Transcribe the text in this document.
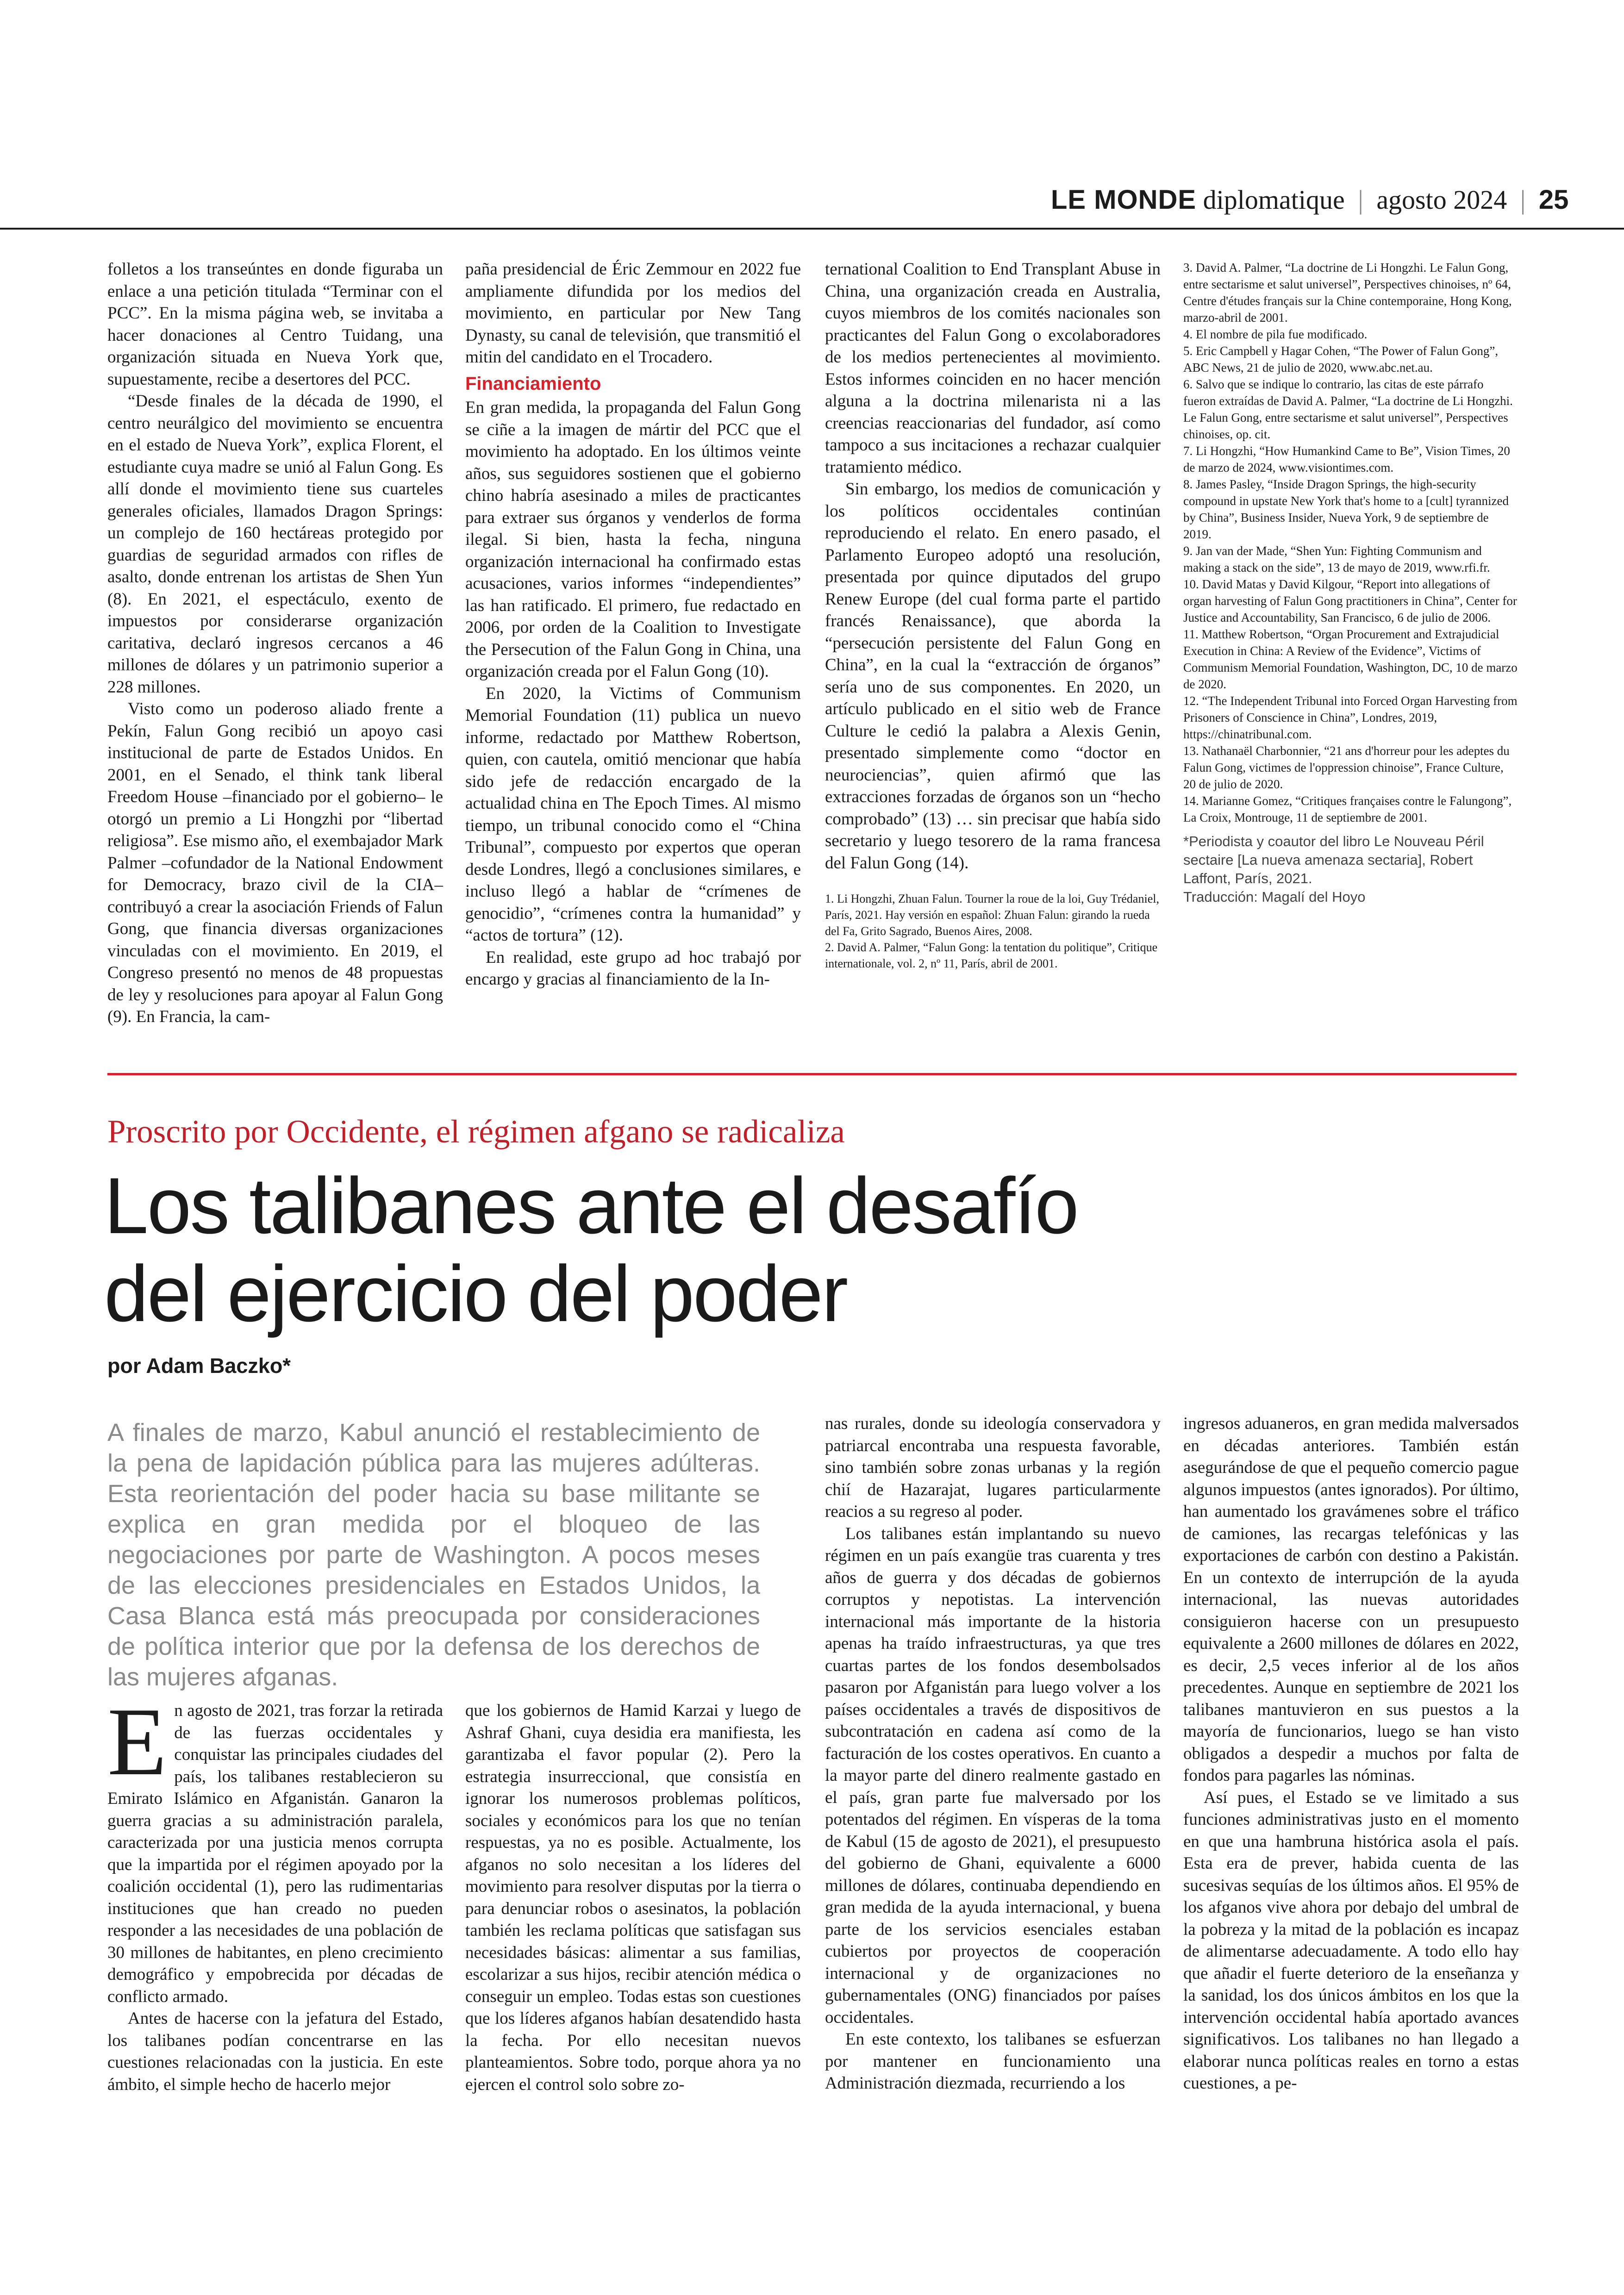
LE MONDE diplomatique | agosto 2024 | 25

folletos a los transeúntes en donde figuraba un enlace a una petición titulada “Terminar con el PCC”. En la misma página web, se invitaba a hacer donaciones al Centro Tuidang, una organización situada en Nueva York que, supuestamente, recibe a desertores del PCC.

“Desde finales de la década de 1990, el centro neurálgico del movimiento se encuentra en el estado de Nueva York”, explica Florent, el estudiante cuya madre se unió al Falun Gong. Es allí donde el movimiento tiene sus cuarteles generales oficiales, llamados Dragon Springs: un complejo de 160 hectáreas protegido por guardias de seguridad armados con rifles de asalto, donde entrenan los artistas de Shen Yun (8). En 2021, el espectáculo, exento de impuestos por considerarse organización caritativa, declaró ingresos cercanos a 46 millones de dólares y un patrimonio superior a 228 millones.

Visto como un poderoso aliado frente a Pekín, Falun Gong recibió un apoyo casi institucional de parte de Estados Unidos. En 2001, en el Senado, el think tank liberal Freedom House –financiado por el gobierno– le otorgó un premio a Li Hongzhi por “libertad religiosa”. Ese mismo año, el exembajador Mark Palmer –cofundador de la National Endowment for Democracy, brazo civil de la CIA– contribuyó a crear la asociación Friends of Falun Gong, que financia diversas organizaciones vinculadas con el movimiento. En 2019, el Congreso presentó no menos de 48 propuestas de ley y resoluciones para apoyar al Falun Gong (9). En Francia, la cam-

paña presidencial de Éric Zemmour en 2022 fue ampliamente difundida por los medios del movimiento, en particular por New Tang Dynasty, su canal de televisión, que transmitió el mitin del candidato en el Trocadero.

Financiamiento

En gran medida, la propaganda del Falun Gong se ciñe a la imagen de mártir del PCC que el movimiento ha adoptado. En los últimos veinte años, sus seguidores sostienen que el gobierno chino habría asesinado a miles de practicantes para extraer sus órganos y venderlos de forma ilegal. Si bien, hasta la fecha, ninguna organización internacional ha confirmado estas acusaciones, varios informes “independientes” las han ratificado. El primero, fue redactado en 2006, por orden de la Coalition to Investigate the Persecution of the Falun Gong in China, una organización creada por el Falun Gong (10).

En 2020, la Victims of Communism Memorial Foundation (11) publica un nuevo informe, redactado por Matthew Robertson, quien, con cautela, omitió mencionar que había sido jefe de redacción encargado de la actualidad china en The Epoch Times. Al mismo tiempo, un tribunal conocido como el “China Tribunal”, compuesto por expertos que operan desde Londres, llegó a conclusiones similares, e incluso llegó a hablar de “crímenes de genocidio”, “crímenes contra la humanidad” y “actos de tortura” (12).

En realidad, este grupo ad hoc trabajó por encargo y gracias al financiamiento de la In-

ternational Coalition to End Transplant Abuse in China, una organización creada en Australia, cuyos miembros de los comités nacionales son practicantes del Falun Gong o excolaboradores de los medios pertenecientes al movimiento. Estos informes coinciden en no hacer mención alguna a la doctrina milenarista ni a las creencias reaccionarias del fundador, así como tampoco a sus incitaciones a rechazar cualquier tratamiento médico.

Sin embargo, los medios de comunicación y los políticos occidentales continúan reproduciendo el relato. En enero pasado, el Parlamento Europeo adoptó una resolución, presentada por quince diputados del grupo Renew Europe (del cual forma parte el partido francés Renaissance), que aborda la “persecución persistente del Falun Gong en China”, en la cual la “extracción de órganos” sería uno de sus componentes. En 2020, un artículo publicado en el sitio web de France Culture le cedió la palabra a Alexis Genin, presentado simplemente como “doctor en neurociencias”, quien afirmó que las extracciones forzadas de órganos son un “hecho comprobado” (13) … sin precisar que había sido secretario y luego tesorero de la rama francesa del Falun Gong (14).

1. Li Hongzhi, Zhuan Falun. Tourner la roue de la loi, Guy Trédaniel, París, 2021. Hay versión en español: Zhuan Falun: girando la rueda del Fa, Grito Sagrado, Buenos Aires, 2008.

2. David A. Palmer, “Falun Gong: la tentation du politique”, Critique internationale, vol. 2, nº 11, París, abril de 2001.

3. David A. Palmer, “La doctrine de Li Hongzhi. Le Falun Gong, entre sectarisme et salut universel”, Perspectives chinoises, nº 64, Centre d'études français sur la Chine contemporaine, Hong Kong, marzo-abril de 2001.

4. El nombre de pila fue modificado.

5. Eric Campbell y Hagar Cohen, “The Power of Falun Gong”, ABC News, 21 de julio de 2020, www.abc.net.au.

6. Salvo que se indique lo contrario, las citas de este párrafo fueron extraídas de David A. Palmer, “La doctrine de Li Hongzhi. Le Falun Gong, entre sectarisme et salut universel”, Perspectives chinoises, op. cit.

7. Li Hongzhi, “How Humankind Came to Be”, Vision Times, 20 de marzo de 2024, www.visiontimes.com.

8. James Pasley, “Inside Dragon Springs, the high-security compound in upstate New York that's home to a [cult] tyrannized by China”, Business Insider, Nueva York, 9 de septiembre de 2019.

9. Jan van der Made, “Shen Yun: Fighting Communism and making a stack on the side”, 13 de mayo de 2019, www.rfi.fr.

10. David Matas y David Kilgour, “Report into allegations of organ harvesting of Falun Gong practitioners in China”, Center for Justice and Accountability, San Francisco, 6 de julio de 2006.

11. Matthew Robertson, “Organ Procurement and Extrajudicial Execution in China: A Review of the Evidence”, Victims of Communism Memorial Foundation, Washington, DC, 10 de marzo de 2020.

12. “The Independent Tribunal into Forced Organ Harvesting from Prisoners of Conscience in China”, Londres, 2019, https://chinatribunal.com.

13. Nathanaël Charbonnier, “21 ans d'horreur pour les adeptes du Falun Gong, victimes de l'oppression chinoise”, France Culture, 20 de julio de 2020.

14. Marianne Gomez, “Critiques françaises contre le Falungong”, La Croix, Montrouge, 11 de septiembre de 2001.

*Periodista y coautor del libro Le Nouveau Péril sectaire [La nueva amenaza sectaria], Robert Laffont, París, 2021.

Traducción: Magalí del Hoyo

Proscrito por Occidente, el régimen afgano se radicaliza
Los talibanes ante el desafío
del ejercicio del poder
por Adam Baczko*
A finales de marzo, Kabul anunció el restablecimiento de la pena de lapidación pública para las mujeres adúlteras. Esta reorientación del poder hacia su base militante se explica en gran medida por el bloqueo de las negociaciones por parte de Washington. A pocos meses de las elecciones presidenciales en Estados Unidos, la Casa Blanca está más preocupada por consideraciones de política interior que por la defensa de los derechos de las mujeres afganas.

En agosto de 2021, tras forzar la retirada de las fuerzas occidentales y conquistar las principales ciudades del país, los talibanes restablecieron su Emirato Islámico en Afganistán. Ganaron la guerra gracias a su administración paralela, caracterizada por una justicia menos corrupta que la impartida por el régimen apoyado por la coalición occidental (1), pero las rudimentarias instituciones que han creado no pueden responder a las necesidades de una población de 30 millones de habitantes, en pleno crecimiento demográfico y empobrecida por décadas de conflicto armado.

Antes de hacerse con la jefatura del Estado, los talibanes podían concentrarse en las cuestiones relacionadas con la justicia. En este ámbito, el simple hecho de hacerlo mejor

que los gobiernos de Hamid Karzai y luego de Ashraf Ghani, cuya desidia era manifiesta, les garantizaba el favor popular (2). Pero la estrategia insurreccional, que consistía en ignorar los numerosos problemas políticos, sociales y económicos para los que no tenían respuestas, ya no es posible. Actualmente, los afganos no solo necesitan a los líderes del movimiento para resolver disputas por la tierra o para denunciar robos o asesinatos, la población también les reclama políticas que satisfagan sus necesidades básicas: alimentar a sus familias, escolarizar a sus hijos, recibir atención médica o conseguir un empleo. Todas estas son cuestiones que los líderes afganos habían desatendido hasta la fecha. Por ello necesitan nuevos planteamientos. Sobre todo, porque ahora ya no ejercen el control solo sobre zo-

nas rurales, donde su ideología conservadora y patriarcal encontraba una respuesta favorable, sino también sobre zonas urbanas y la región chií de Hazarajat, lugares particularmente reacios a su regreso al poder.

Los talibanes están implantando su nuevo régimen en un país exangüe tras cuarenta y tres años de guerra y dos décadas de gobiernos corruptos y nepotistas. La intervención internacional más importante de la historia apenas ha traído infraestructuras, ya que tres cuartas partes de los fondos desembolsados pasaron por Afganistán para luego volver a los países occidentales a través de dispositivos de subcontratación en cadena así como de la facturación de los costes operativos. En cuanto a la mayor parte del dinero realmente gastado en el país, gran parte fue malversado por los potentados del régimen. En vísperas de la toma de Kabul (15 de agosto de 2021), el presupuesto del gobierno de Ghani, equivalente a 6000 millones de dólares, continuaba dependiendo en gran medida de la ayuda internacional, y buena parte de los servicios esenciales estaban cubiertos por proyectos de cooperación internacional y de organizaciones no gubernamentales (ONG) financiados por países occidentales.

En este contexto, los talibanes se esfuerzan por mantener en funcionamiento una Administración diezmada, recurriendo a los

ingresos aduaneros, en gran medida malversados en décadas anteriores. También están asegurándose de que el pequeño comercio pague algunos impuestos (antes ignorados). Por último, han aumentado los gravámenes sobre el tráfico de camiones, las recargas telefónicas y las exportaciones de carbón con destino a Pakistán. En un contexto de interrupción de la ayuda internacional, las nuevas autoridades consiguieron hacerse con un presupuesto equivalente a 2600 millones de dólares en 2022, es decir, 2,5 veces inferior al de los años precedentes. Aunque en septiembre de 2021 los talibanes mantuvieron en sus puestos a la mayoría de funcionarios, luego se han visto obligados a despedir a muchos por falta de fondos para pagarles las nóminas.

Así pues, el Estado se ve limitado a sus funciones administrativas justo en el momento en que una hambruna histórica asola el país. Esta era de prever, habida cuenta de las sucesivas sequías de los últimos años. El 95% de los afganos vive ahora por debajo del umbral de la pobreza y la mitad de la población es incapaz de alimentarse adecuadamente. A todo ello hay que añadir el fuerte deterioro de la enseñanza y la sanidad, los dos únicos ámbitos en los que la intervención occidental había aportado avances significativos. Los talibanes no han llegado a elaborar nunca políticas reales en torno a estas cuestiones, a pe-
